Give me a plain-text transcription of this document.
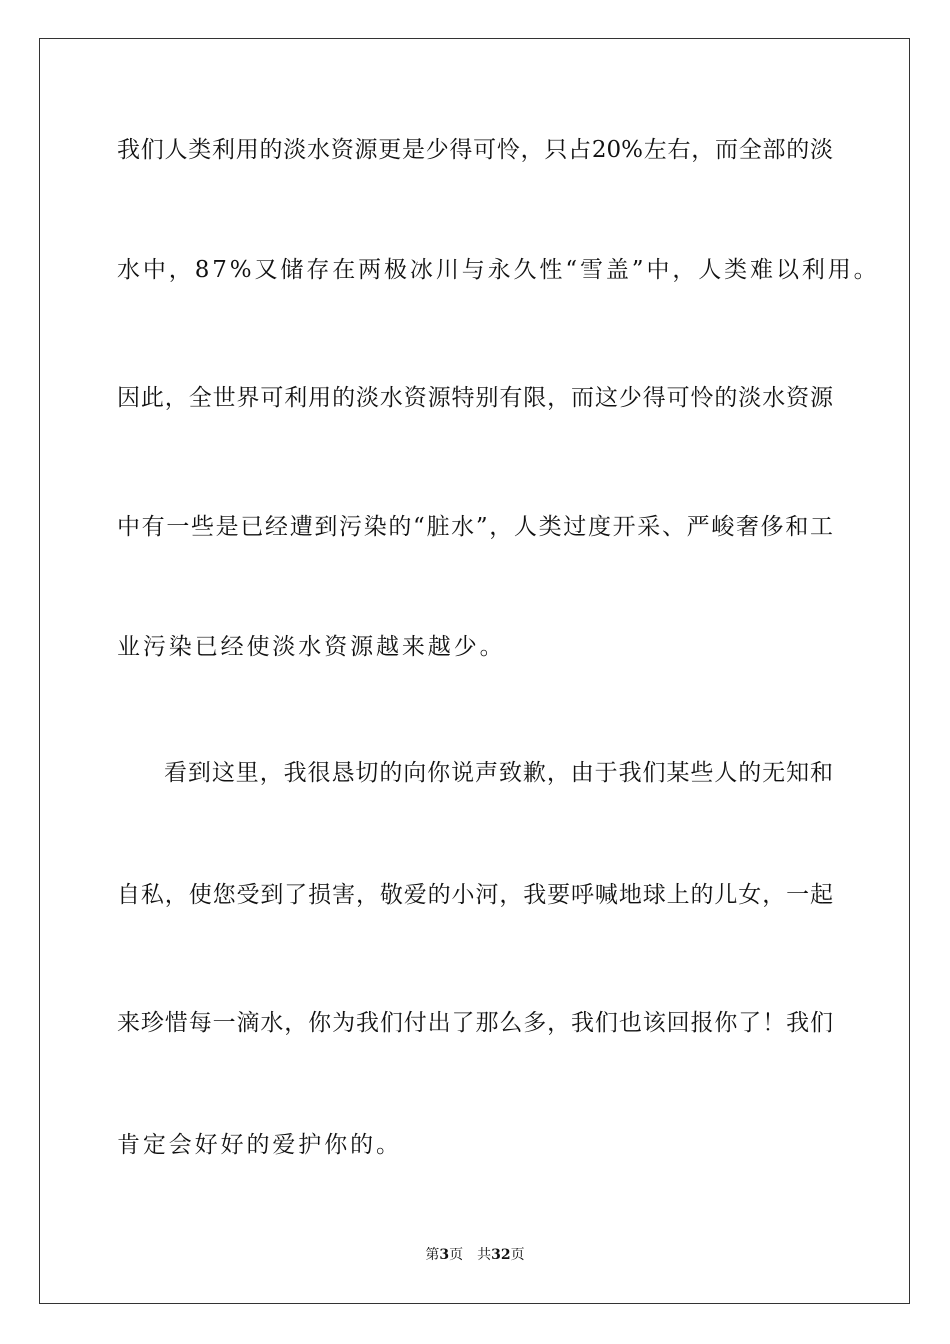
我们人类利用的淡水资源更是少得可怜，只占20%左右，而全部的淡
水中，87%又储存在两极冰川与永久性“雪盖”中，人类难以利用。
因此，全世界可利用的淡水资源特别有限，而这少得可怜的淡水资源
中有一些是已经遭到污染的“脏水”，人类过度开采、严峻奢侈和工
业污染已经使淡水资源越来越少。
看到这里，我很恳切的向你说声致歉，由于我们某些人的无知和
自私，使您受到了损害，敬爱的小河，我要呼喊地球上的儿女，一起
来珍惜每一滴水，你为我们付出了那么多，我们也该回报你了！我们
肯定会好好的爱护你的。
第3页 共32页
